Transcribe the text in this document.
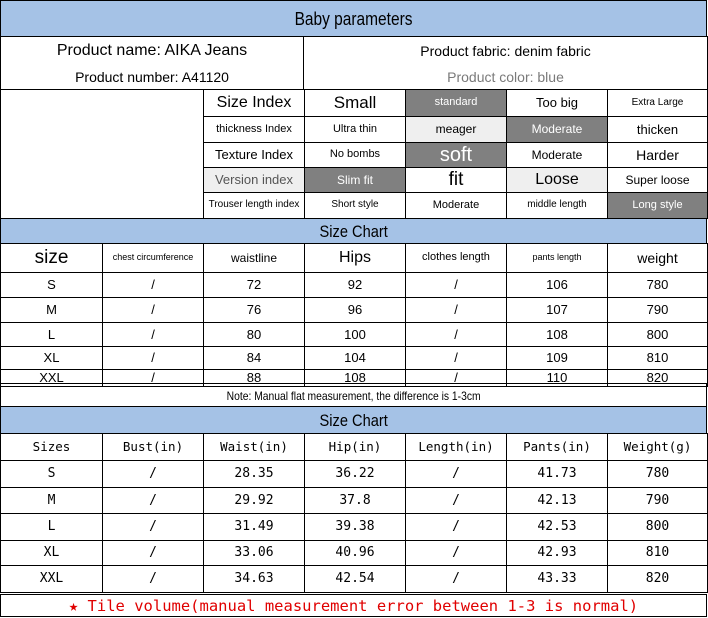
Baby parameters
Product name: AIKA Jeans	Product fabric: denim fabric
Product number: A41120	Product color: blue
	Size Index	Small	standard	Too big	Extra Large
	thickness Index	Ultra thin	meager	Moderate	thicken
	Texture Index	No bombs	soft	Moderate	Harder
	Version index	Slim fit	fit	Loose	Super loose
	Trouser length index	Short style	Moderate	middle length	Long style
Size Chart
size	chest circumference	waistline	Hips	clothes length	pants length	weight
S	/	72	92	/	106	780
M	/	76	96	/	107	790
L	/	80	100	/	108	800
XL	/	84	104	/	109	810
XXL	/	88	108	/	110	820
Note: Manual flat measurement, the difference is 1-3cm
Size Chart
Sizes	Bust(in)	Waist(in)	Hip(in)	Length(in)	Pants(in)	Weight(g)
S	/	28.35	36.22	/	41.73	780
M	/	29.92	37.8	/	42.13	790
L	/	31.49	39.38	/	42.53	800
XL	/	33.06	40.96	/	42.93	810
XXL	/	34.63	42.54	/	43.33	820
★ Tile volume(manual measurement error between 1-3 is normal)
